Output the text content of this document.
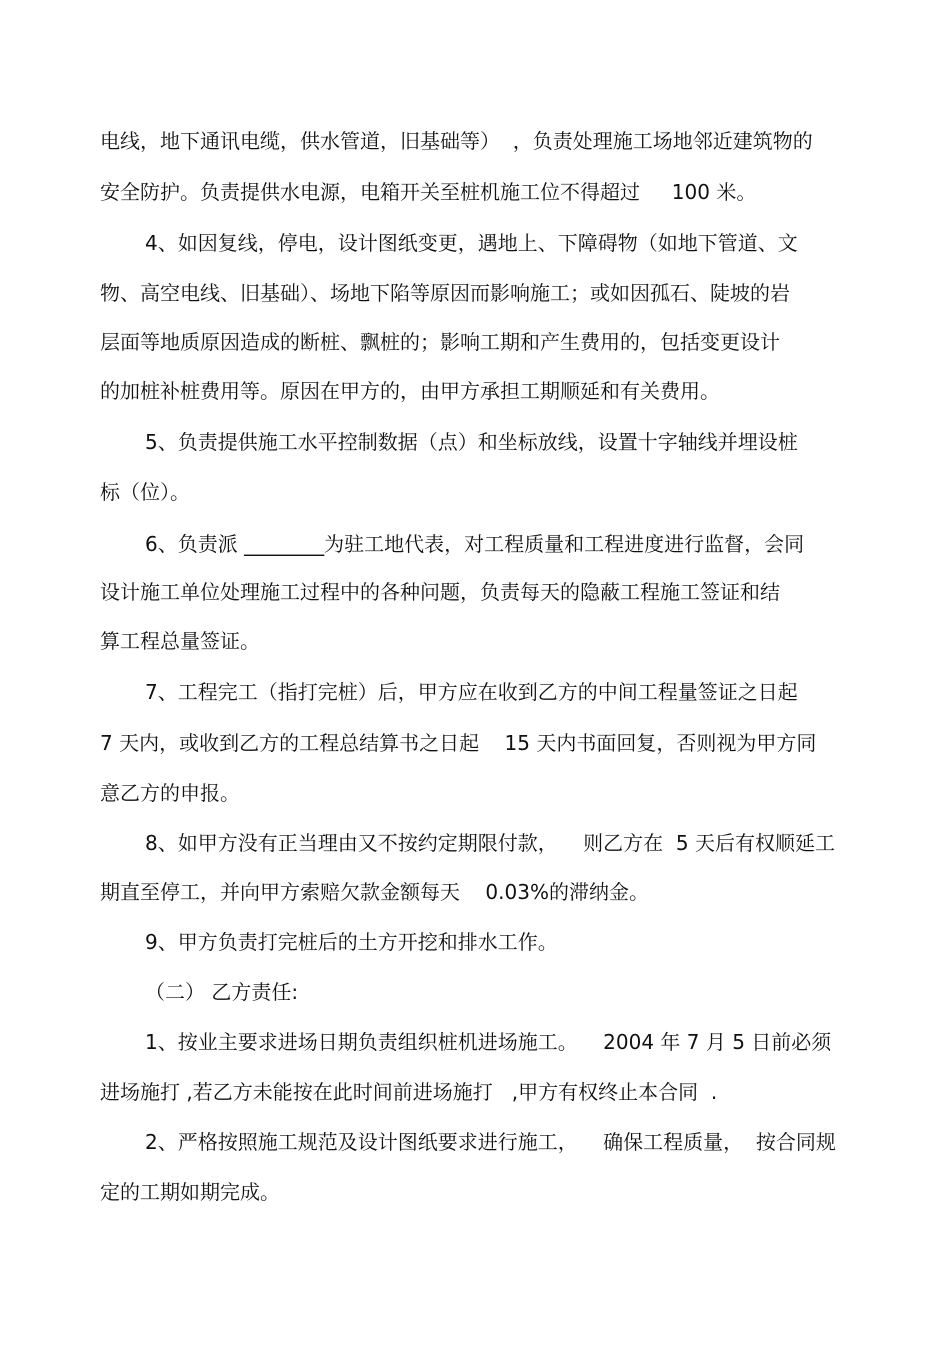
电线，地下通讯电缆，供水管道，旧基础等）  ，负责处理施工场地邻近建筑物的
安全防护。负责提供水电源，电箱开关至桩机施工位不得超过     100 米。
4、如因复线，停电，设计图纸变更，遇地上、下障碍物（如地下管道、文
物、高空电线、旧基础）、场地下陷等原因而影响施工；或如因孤石、陡坡的岩
层面等地质原因造成的断桩、飘桩的；影响工期和产生费用的，包括变更设计
的加桩补桩费用等。原因在甲方的，由甲方承担工期顺延和有关费用。
5、负责提供施工水平控制数据（点）和坐标放线，设置十字轴线并埋设桩
标（位）。
6、负责派 ________为驻工地代表，对工程质量和工程进度进行监督，会同
设计施工单位处理施工过程中的各种问题，负责每天的隐蔽工程施工签证和结
算工程总量签证。
7、工程完工（指打完桩）后，甲方应在收到乙方的中间工程量签证之日起
7 天内，或收到乙方的工程总结算书之日起    15 天内书面回复，否则视为甲方同
意乙方的申报。
8、如甲方没有正当理由又不按约定期限付款，    则乙方在  5 天后有权顺延工
期直至停工，并向甲方索赔欠款金额每天    0.03%的滞纳金。
9、甲方负责打完桩后的土方开挖和排水工作。
（二） 乙方责任:
1、按业主要求进场日期负责组织桩机进场施工。    2004 年 7 月 5 日前必须
进场施打 ,若乙方未能按在此时间前进场施打   ,甲方有权终止本合同  .
2、严格按照施工规范及设计图纸要求进行施工，    确保工程质量，  按合同规
定的工期如期完成。
